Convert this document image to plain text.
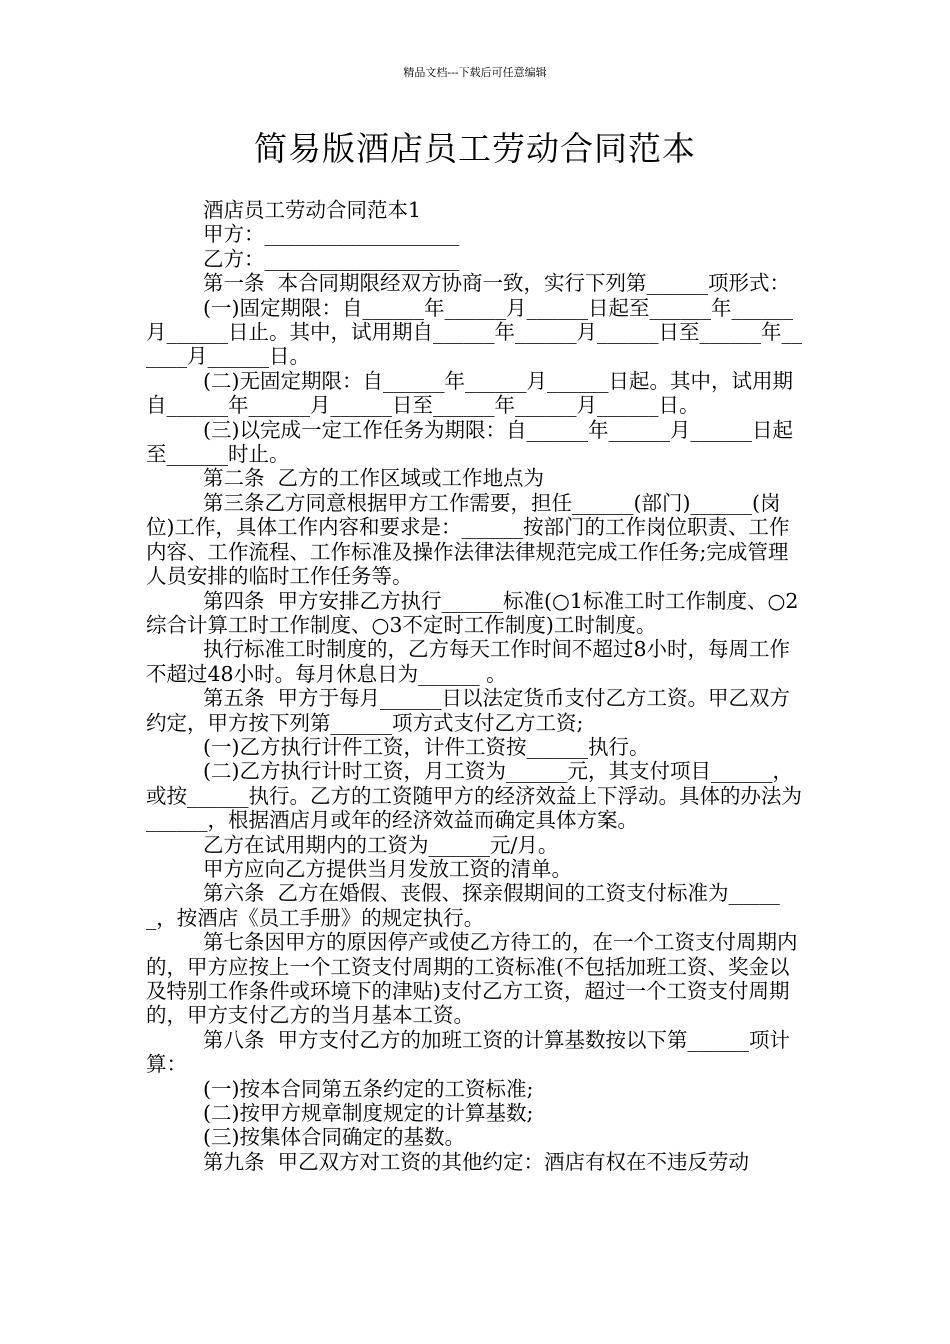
精品文档---下载后可任意编辑
简易版酒店员工劳动合同范本

酒店员工劳动合同范本1

甲方：___________________

乙方：___________________

第一条  本合同期限经双方协商一致，实行下列第______项形式：

(一)固定期限：自______年______月______日起至______年______月______日止。其中，试用期自______年______月______日至______年______月______日。

(二)无固定期限：自______年______月______日起。其中，试用期自______年______月______日至______年______月______日。

(三)以完成一定工作任务为期限：自______年______月______日起至______时止。

第二条  乙方的工作区域或工作地点为

第三条乙方同意根据甲方工作需要，担任______(部门)______(岗位)工作，具体工作内容和要求是：______按部门的工作岗位职责、工作内容、工作流程、工作标准及操作法律法律规范完成工作任务;完成管理人员安排的临时工作任务等。

第四条  甲方安排乙方执行______标准(○1标准工时工作制度、○2综合计算工时工作制度、○3不定时工作制度)工时制度。

执行标准工时制度的，乙方每天工作时间不超过8小时，每周工作不超过48小时。每月休息日为______ 。

第五条  甲方于每月______日以法定货币支付乙方工资。甲乙双方约定，甲方按下列第______项方式支付乙方工资;

(一)乙方执行计件工资，计件工资按______执行。

(二)乙方执行计时工资，月工资为______元，其支付项目______，或按______执行。乙方的工资随甲方的经济效益上下浮动。具体的办法为______，根据酒店月或年的经济效益而确定具体方案。

乙方在试用期内的工资为______元/月。

甲方应向乙方提供当月发放工资的清单。

第六条  乙方在婚假、丧假、探亲假期间的工资支付标准为______，按酒店《员工手册》的规定执行。

第七条因甲方的原因停产或使乙方待工的，在一个工资支付周期内的，甲方应按上一个工资支付周期的工资标准(不包括加班工资、奖金以及特别工作条件或环境下的津贴)支付乙方工资，超过一个工资支付周期的，甲方支付乙方的当月基本工资。

第八条  甲方支付乙方的加班工资的计算基数按以下第______项计算：

(一)按本合同第五条约定的工资标准;

(二)按甲方规章制度规定的计算基数;

(三)按集体合同确定的基数。

第九条  甲乙双方对工资的其他约定：酒店有权在不违反劳动
